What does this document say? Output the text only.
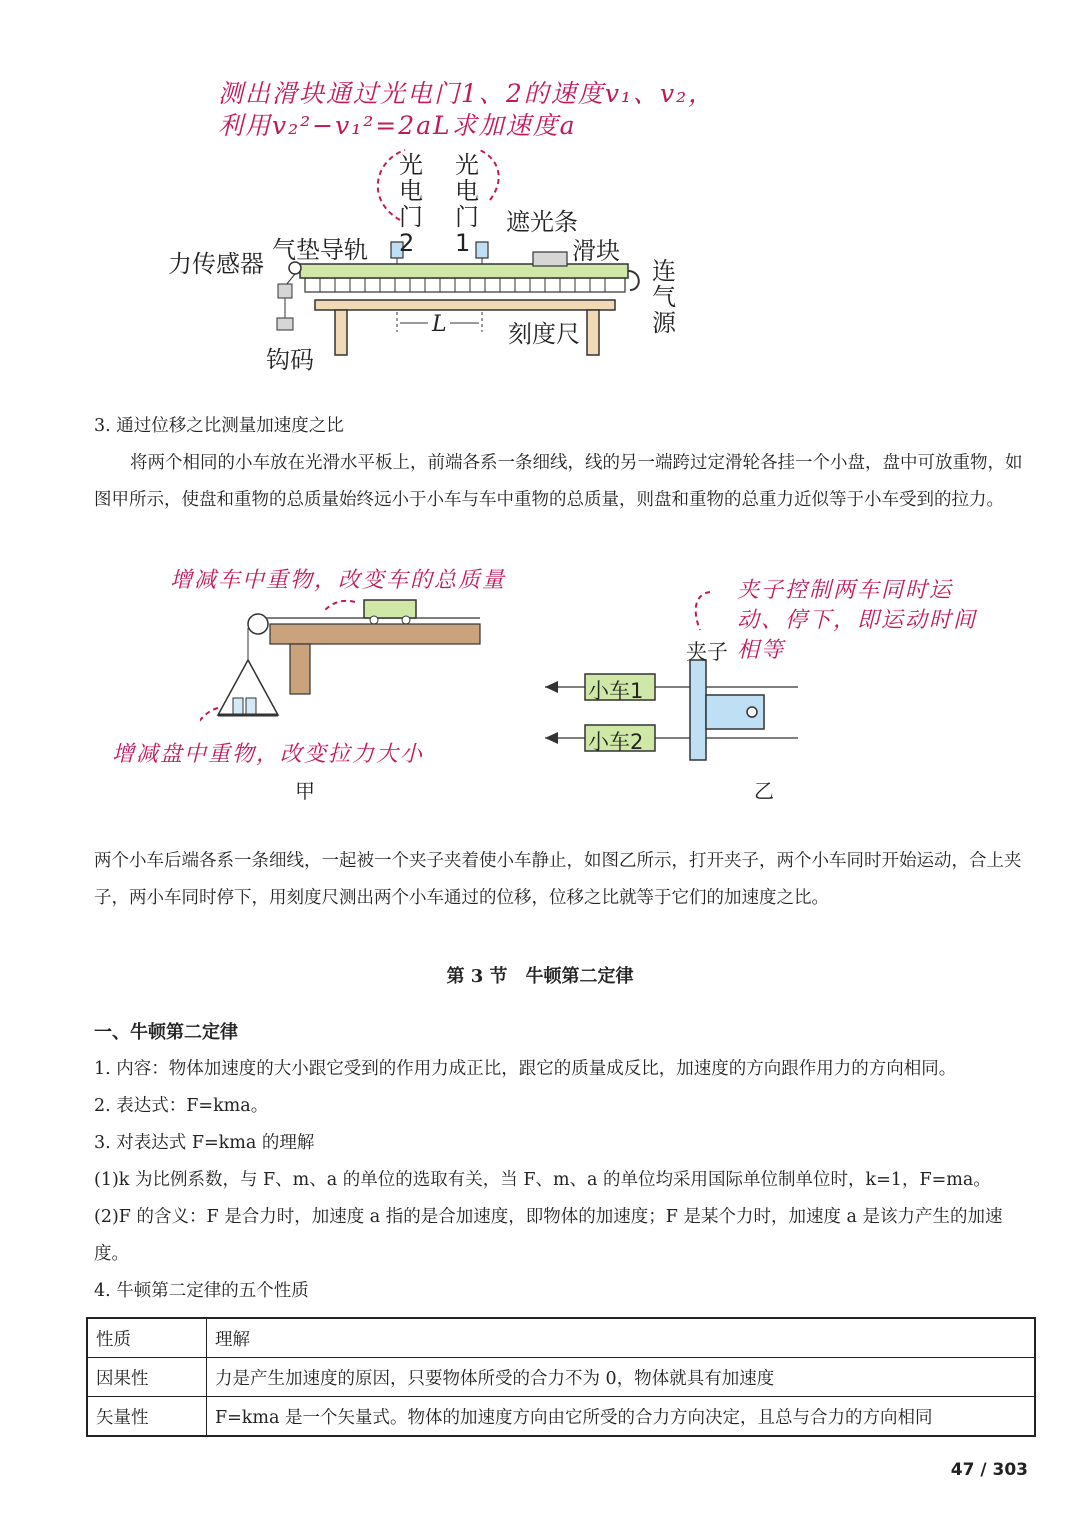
测出滑块通过光电门1、2的速度v₁、v₂，
利用v₂²−v₁²=2aL求加速度a
光电门2
光电门1
气垫导轨
力传感器
遮光条
滑块
连气源
L	刻度尺
钩码
3. 通过位移之比测量加速度之比
将两个相同的小车放在光滑水平板上，前端各系一条细线，线的另一端跨过定滑轮各挂一个小盘，盘中可放重物，如图甲所示，使盘和重物的总质量始终远小于小车与车中重物的总质量，则盘和重物的总重力近似等于小车受到的拉力。
增减车中重物，改变车的总质量
增减盘中重物，改变拉力大小
夹子控制两车同时运动、停下，即运动时间相等
小车1
小车2
夹子
甲	乙
两个小车后端各系一条细线，一起被一个夹子夹着使小车静止，如图乙所示，打开夹子，两个小车同时开始运动，合上夹子，两小车同时停下，用刻度尺测出两个小车通过的位移，位移之比就等于它们的加速度之比。
第 3 节　牛顿第二定律
一、牛顿第二定律
1. 内容：物体加速度的大小跟它受到的作用力成正比，跟它的质量成反比，加速度的方向跟作用力的方向相同。
2. 表达式：F=kma。
3. 对表达式 F=kma 的理解
(1)k 为比例系数，与 F、m、a 的单位的选取有关，当 F、m、a 的单位均采用国际单位制单位时，k=1，F=ma。
(2)F 的含义：F 是合力时，加速度 a 指的是合加速度，即物体的加速度；F 是某个力时，加速度 a 是该力产生的加速度。
4. 牛顿第二定律的五个性质
性质	理解
因果性	力是产生加速度的原因，只要物体所受的合力不为 0，物体就具有加速度
矢量性	F=kma 是一个矢量式。物体的加速度方向由它所受的合力方向决定，且总与合力的方向相同
47 / 303
